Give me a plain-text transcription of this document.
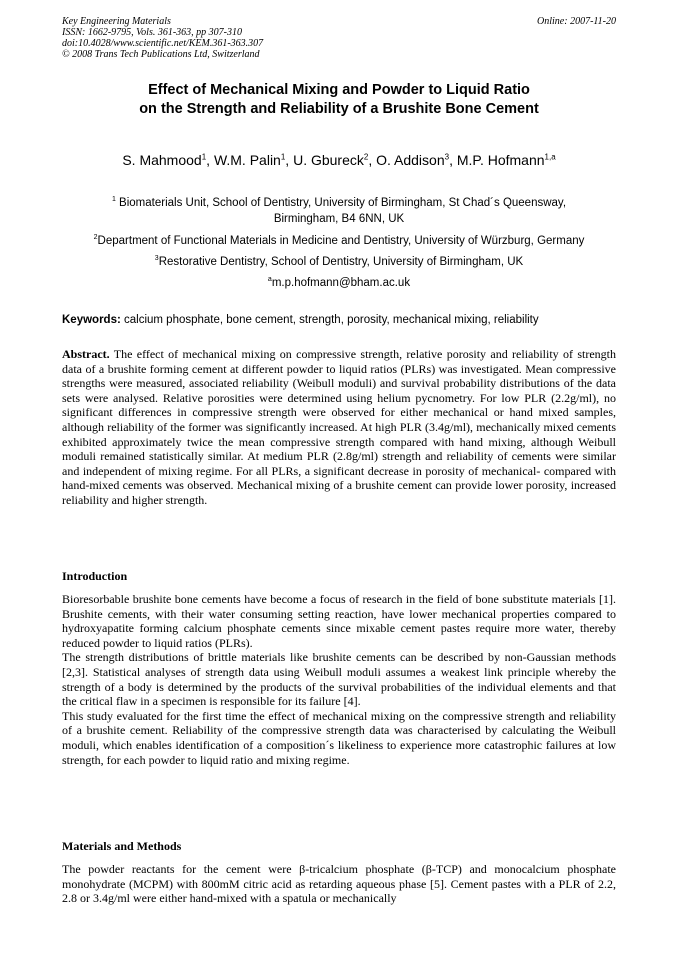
Key Engineering Materials
ISSN: 1662-9795, Vols. 361-363, pp 307-310
doi:10.4028/www.scientific.net/KEM.361-363.307
© 2008 Trans Tech Publications Ltd, Switzerland
Online: 2007-11-20
Effect of Mechanical Mixing and Powder to Liquid Ratio
on the Strength and Reliability of a Brushite Bone Cement
S. Mahmood$^1$, W.M. Palin$^1$, U. Gbureck$^2$, O. Addison$^3$, M.P. Hofmann$^{1,a}$
$^1$ Biomaterials Unit, School of Dentistry, University of Birmingham, St Chad´s Queensway,
Birmingham, B4 6NN, UK
$^2$Department of Functional Materials in Medicine and Dentistry, University of Würzburg, Germany
$^3$Restorative Dentistry, School of Dentistry, University of Birmingham, UK
$^a$m.p.hofmann@bham.ac.uk
Keywords: calcium phosphate, bone cement, strength, porosity, mechanical mixing, reliability

Abstract. The effect of mechanical mixing on compressive strength, relative porosity and reliability of strength data of a brushite forming cement at different powder to liquid ratios (PLRs) was investigated. Mean compressive strengths were measured, associated reliability (Weibull moduli) and survival probability distributions of the data sets were analysed. Relative porosities were determined using helium pycnometry. For low PLR (2.2g/ml), no significant differences in compressive strength were observed for either mechanical or hand mixed samples, although reliability of the former was significantly increased. At high PLR (3.4g/ml), mechanically mixed cements exhibited approximately twice the mean compressive strength compared with hand mixing, although Weibull moduli remained statistically similar. At medium PLR (2.8g/ml) strength and reliability of cements were similar and independent of mixing regime. For all PLRs, a significant decrease in porosity of mechanical- compared with hand-mixed cements was observed. Mechanical mixing of a brushite cement can provide lower porosity, increased reliability and higher strength.

Introduction

Bioresorbable brushite bone cements have become a focus of research in the field of bone substitute materials [1]. Brushite cements, with their water consuming setting reaction, have lower mechanical properties compared to hydroxyapatite forming calcium phosphate cements since mixable cement pastes require more water, thereby reduced powder to liquid ratios (PLRs).

The strength distributions of brittle materials like brushite cements can be described by non-Gaussian methods [2,3]. Statistical analyses of strength data using Weibull moduli assumes a weakest link principle whereby the strength of a body is determined by the products of the survival probabilities of the individual elements and that the critical flaw in a specimen is responsible for its failure [4].

This study evaluated for the first time the effect of mechanical mixing on the compressive strength and reliability of a brushite cement. Reliability of the compressive strength data was characterised by calculating the Weibull moduli, which enables identification of a composition´s likeliness to experience more catastrophic failures at low strength, for each powder to liquid ratio and mixing regime.

Materials and Methods

The powder reactants for the cement were β-tricalcium phosphate (β-TCP) and monocalcium phosphate monohydrate (MCPM) with 800mM citric acid as retarding aqueous phase [5]. Cement pastes with a PLR of 2.2, 2.8 or 3.4g/ml were either hand-mixed with a spatula or mechanically
